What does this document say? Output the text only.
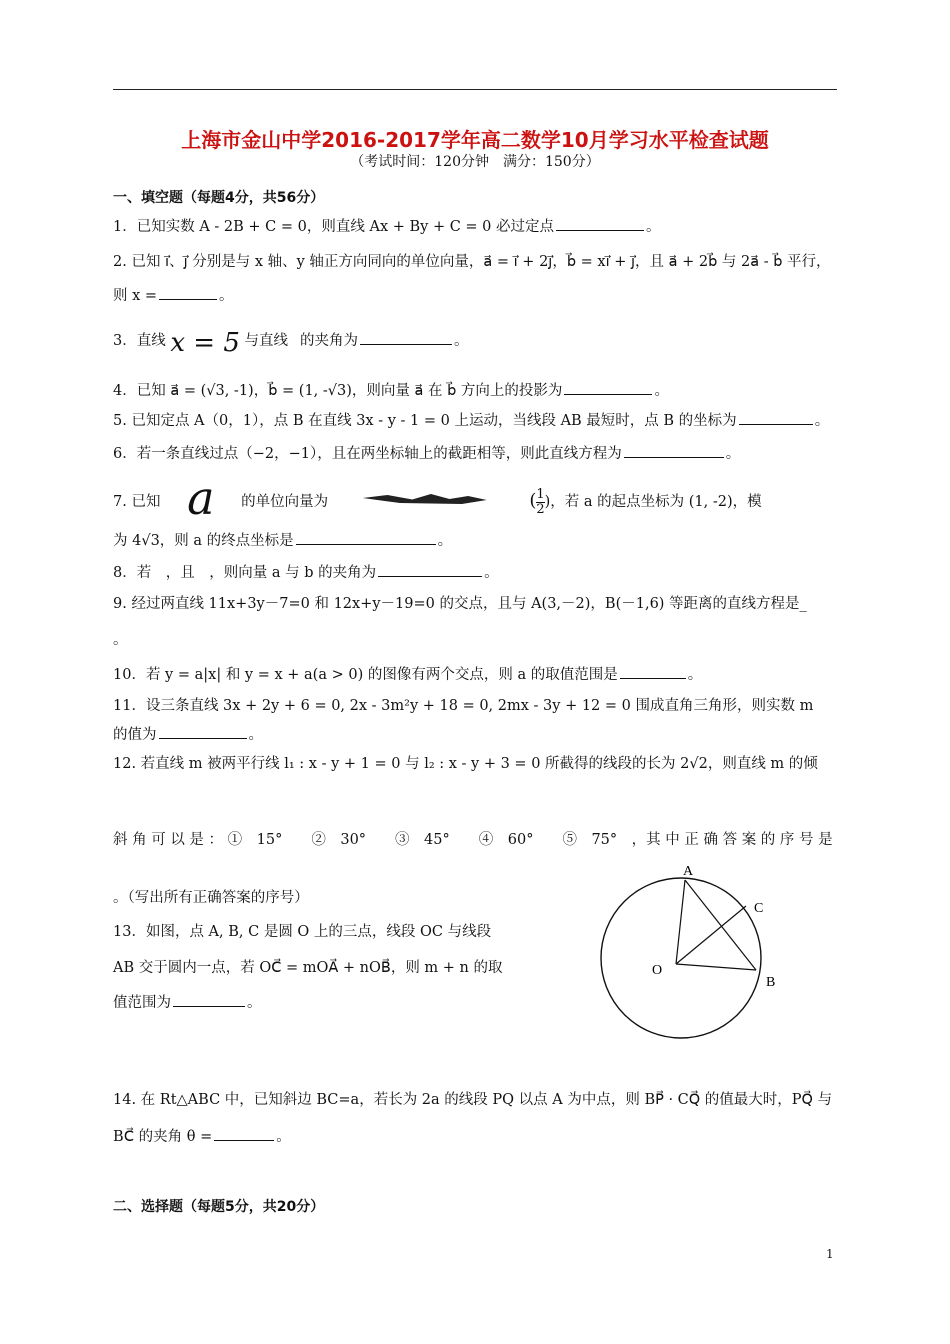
上海市金山中学2016-2017学年高二数学10月学习水平检查试题
（考试时间：120分钟　满分：150分）
一、填空题（每题4分，共56分）
1．已知实数 A - 2B + C = 0，则直线 Ax + By + C = 0 必过定点	。
2. 已知 i⃗、j⃗ 分别是与 x 轴、y 轴正方向同向的单位向量，a⃗ = i⃗ + 2j⃗，b⃗ = xi⃗ + j⃗，且 a⃗ + 2b⃗ 与 2a⃗ - b⃗ 平行，
则 x =	。
3．直线 x = 5 与直线 的夹角为	。
4．已知 a⃗ = (√3, -1)，b⃗ = (1, -√3)，则向量 a⃗ 在 b⃗ 方向上的投影为	。
5. 已知定点 A（0，1），点 B 在直线 3x - y - 1 = 0 上运动，当线段 AB 最短时，点 B 的坐标为	。
6．若一条直线过点（−2，−1），且在两坐标轴上的截距相等，则此直线方程为	。
7. 已知 a 的单位向量为	( $\frac{1}{2}$ )，若 a 的起点坐标为 (1, -2)，模
为 4√3，则 a 的终点坐标是	。
8．若　，且　，则向量 a 与 b 的夹角为	。
9. 经过两直线 11x+3y－7=0 和 12x+y－19=0 的交点，且与 A(3,－2)，B(－1,6) 等距离的直线方程是_
。
10．若 y = a|x| 和 y = x + a(a > 0) 的图像有两个交点，则 a 的取值范围是	。
11．设三条直线 3x + 2y + 6 = 0, 2x - 3m²y + 18 = 0, 2mx - 3y + 12 = 0 围成直角三角形，则实数 m
的值为	。
12. 若直线 m 被两平行线 l₁ : x - y + 1 = 0 与 l₂ : x - y + 3 = 0 所截得的线段的长为 2√2，则直线 m 的倾
斜 角 可 以 是 ： ①　15°　　②　30°　　③　45°　　④　60°　　⑤　75°　，其 中 正 确 答 案 的 序 号 是
。（写出所有正确答案的序号）
13．如图，点 A, B, C 是圆 O 上的三点，线段 OC 与线段
AB 交于圆内一点，若 OC⃗ = mOA⃗ + nOB⃗，则 m + n 的取
值范围为	。
A
C
O
B
14. 在 Rt△ABC 中，已知斜边 BC=a，若长为 2a 的线段 PQ 以点 A 为中点，则 BP⃗ · CQ⃗ 的值最大时，PQ⃗ 与
BC⃗ 的夹角 θ =	。
二、选择题（每题5分，共20分）
1
